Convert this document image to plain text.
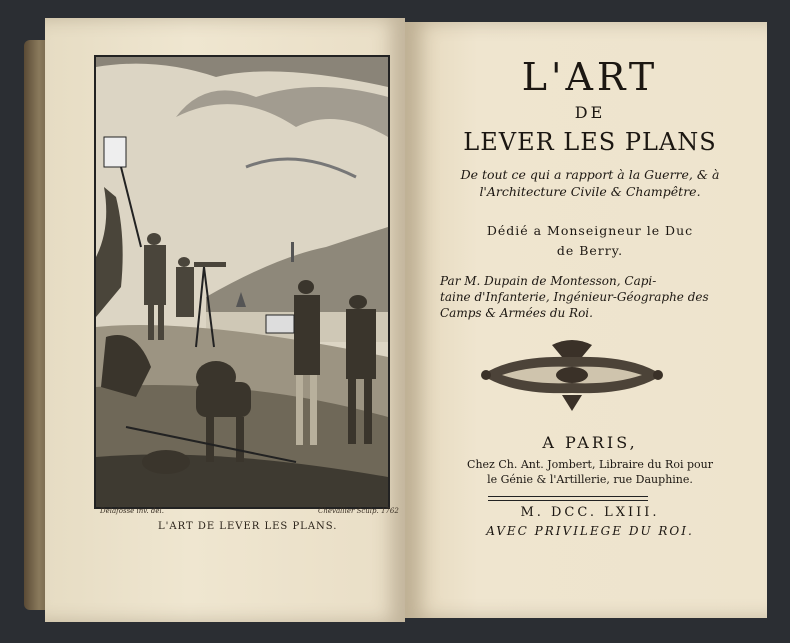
Delafosse inv. del.	Chevallier Sculp. 1762
L'ART DE LEVER LES PLANS.
L'ART
DE
LEVER LES PLANS
De tout ce qui a rapport à la Guerre, & à
l'Architecture Civile & Champêtre.
Dédié a Monseigneur le Duc
de Berry.
Par M. Dupain de Montesson, Capi-
taine d'Infanterie, Ingénieur-Géographe des
Camps & Armées du Roi.
A PARIS,
Chez Ch. Ant. Jombert, Libraire du Roi pour
le Génie & l'Artillerie, rue Dauphine.
M. DCC. LXIII.
AVEC PRIVILEGE DU ROI.
